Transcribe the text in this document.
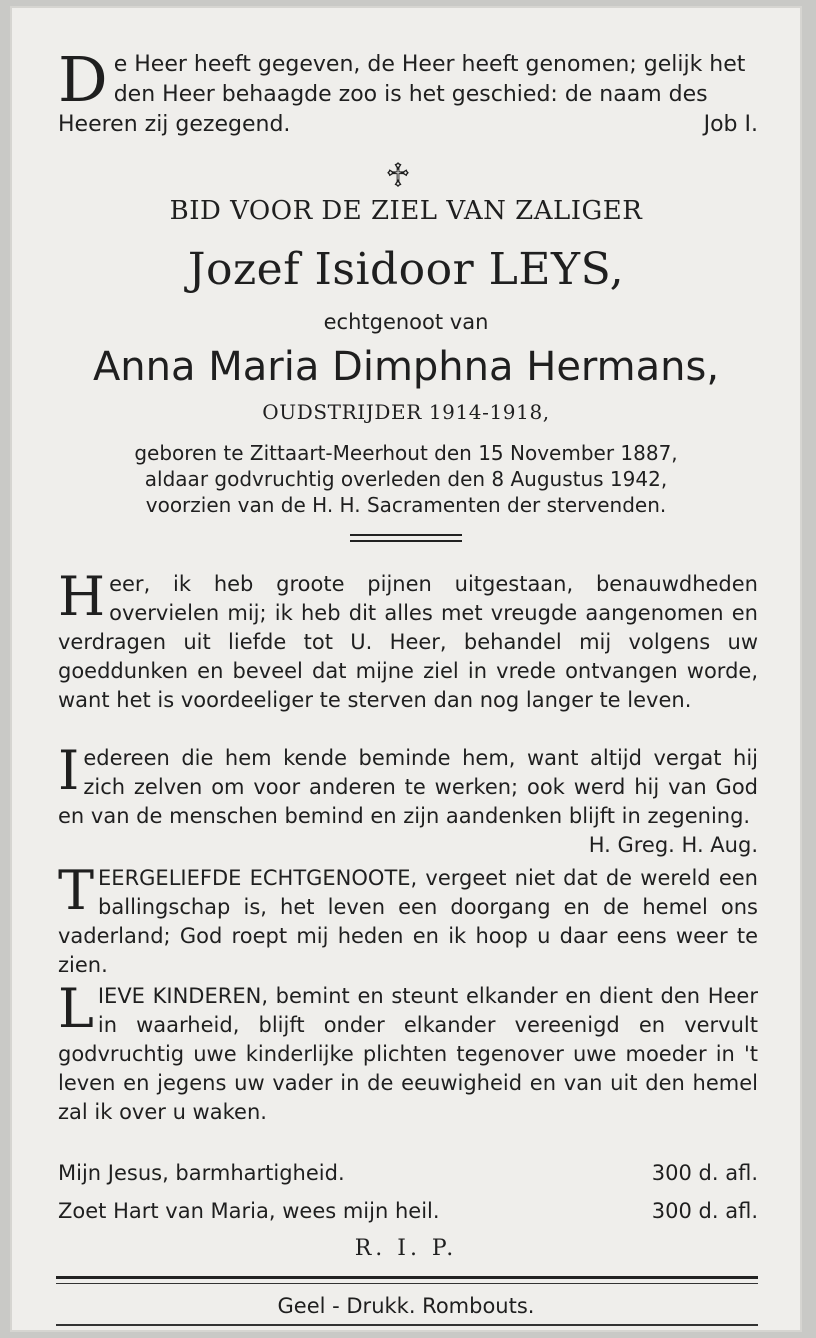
De Heer heeft gegeven, de Heer heeft genomen; gelijk het den Heer behaagde zoo is het geschied: de naam des Heeren zij gezegend.	Job I.
♱
BID VOOR DE ZIEL VAN ZALIGER
Jozef Isidoor LEYS,
echtgenoot van
Anna Maria Dimphna Hermans,
OUDSTRIJDER 1914-1918,
geboren te Zittaart-Meerhout den 15 November 1887,
aldaar godvruchtig overleden den 8 Augustus 1942,
voorzien van de H. H. Sacramenten der stervenden.
Heer, ik heb groote pijnen uitgestaan, benauwdheden overvielen mij; ik heb dit alles met vreugde aangenomen en verdragen uit liefde tot U. Heer, behandel mij volgens uw goeddunken en beveel dat mijne ziel in vrede ontvangen worde, want het is voordeeliger te sterven dan nog langer te leven.
Iedereen die hem kende beminde hem, want altijd vergat hij zich zelven om voor anderen te werken; ook werd hij van God en van de menschen bemind en zijn aandenken blijft in zegening.
H. Greg. H. Aug.
TEERGELIEFDE ECHTGENOOTE, vergeet niet dat de wereld een ballingschap is, het leven een doorgang en de hemel ons vaderland; God roept mij heden en ik hoop u daar eens weer te zien.
LIEVE KINDEREN, bemint en steunt elkander en dient den Heer in waarheid, blijft onder elkander vereenigd en vervult godvruchtig uwe kinderlijke plichten tegenover uwe moeder in 't leven en jegens uw vader in de eeuwigheid en van uit den hemel zal ik over u waken.
Mijn Jesus, barmhartigheid.	300 d. afl.
Zoet Hart van Maria, wees mijn heil.	300 d. afl.
R. I. P.
Geel - Drukk. Rombouts.
